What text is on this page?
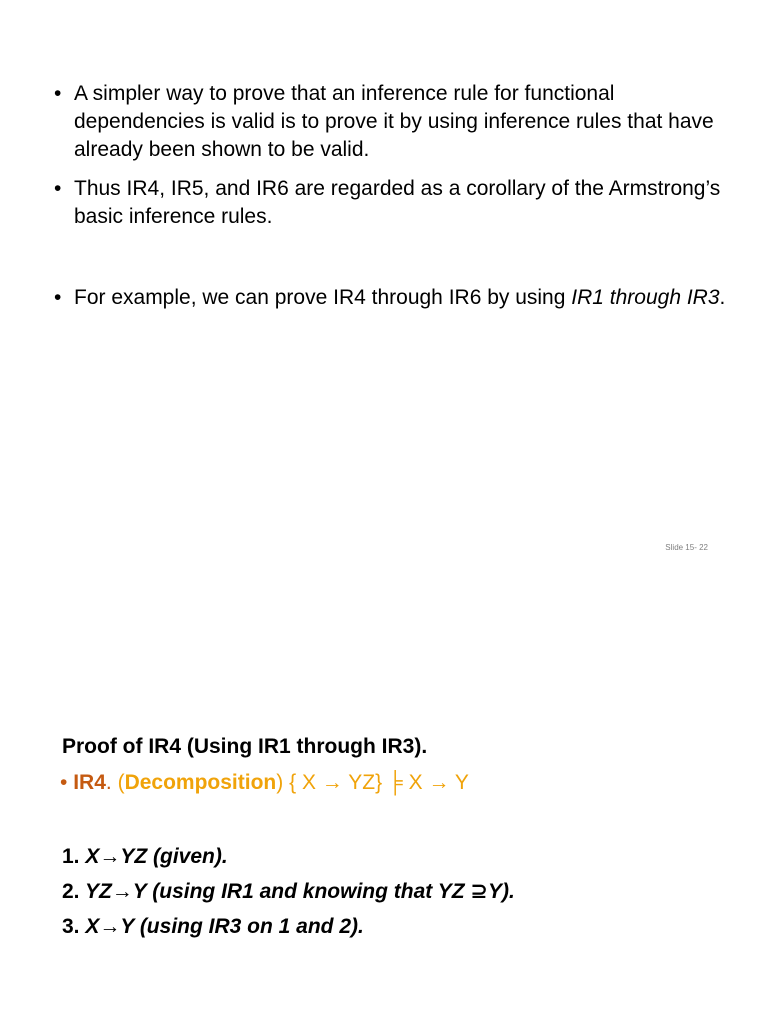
• A simpler way to prove that an inference rule for functional dependencies is valid is to prove it by using inference rules that have already been shown to be valid.
• Thus IR4, IR5, and IR6 are regarded as a corollary of the Armstrong’s basic inference rules.
• For example, we can prove IR4 through IR6 by using IR1 through IR3.
Slide 15- 22
Proof of IR4 (Using IR1 through IR3).
• IR4. (Decomposition) { X → YZ} ╞ X → Y
1. X→YZ (given).
2. YZ→Y (using IR1 and knowing that YZ ⊇Y).
3. X→Y (using IR3 on 1 and 2).
